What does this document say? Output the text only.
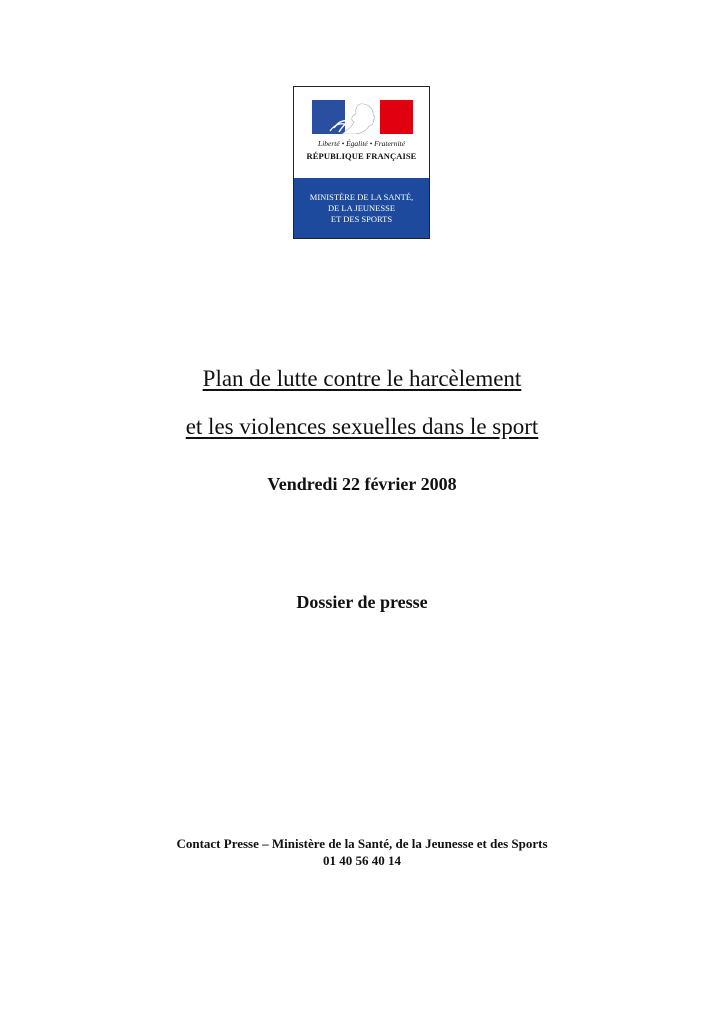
Liberté • Égalité • Fraternité
RÉPUBLIQUE FRANÇAISE
MINISTÈRE DE LA SANTÉ,
DE LA JEUNESSE
ET DES SPORTS
Plan de lutte contre le harcèlement
et les violences sexuelles dans le sport
Vendredi 22 février 2008
Dossier de presse
Contact Presse – Ministère de la Santé, de la Jeunesse et des Sports
01 40 56 40 14
